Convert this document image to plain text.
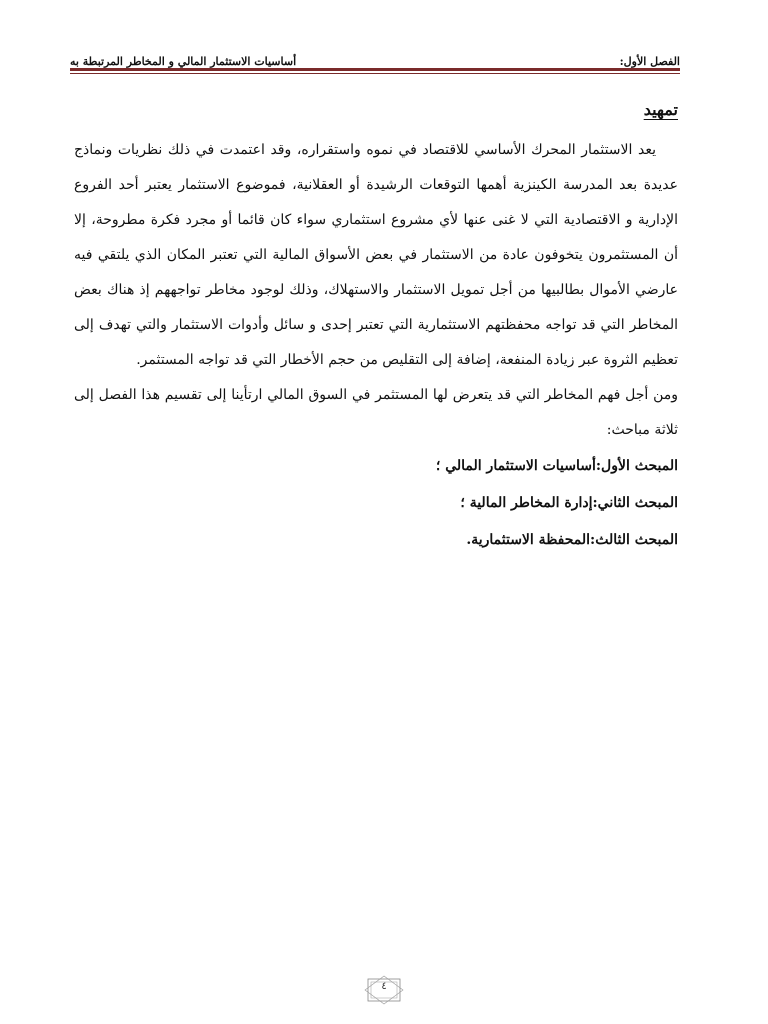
الفصل الأول:
أساسيات الاستثمار المالي و المخاطر المرتبطة به

تمهيد

يعد الاستثمار المحرك الأساسي للاقتصاد في نموه واستقراره، وقد اعتمدت في ذلك نظريات ونماذج عديدة بعد المدرسة الكينزية أهمها التوقعات الرشيدة أو العقلانية، فموضوع الاستثمار يعتبر أحد الفروع الإدارية و الاقتصادية التي لا غنى عنها لأي مشروع استثماري سواء كان قائما أو مجرد فكرة مطروحة، إلا أن المستثمرون يتخوفون عادة من الاستثمار في بعض الأسواق المالية التي تعتبر المكان الذي يلتقي فيه عارضي الأموال بطالبيها من أجل تمويل الاستثمار والاستهلاك، وذلك لوجود مخاطر تواجههم إذ هناك بعض المخاطر التي قد تواجه محفظتهم الاستثمارية التي تعتبر إحدى و سائل وأدوات الاستثمار والتي تهدف إلى تعظيم الثروة عبر زيادة المنفعة، إضافة إلى التقليص من حجم الأخطار التي قد تواجه المستثمر.

ومن أجل فهم المخاطر التي قد يتعرض لها المستثمر في السوق المالي ارتأينا إلى تقسيم هذا الفصل إلى ثلاثة مباحث:

المبحث الأول:أساسيات الاستثمار المالي ؛

المبحث الثاني:إدارة المخاطر المالية ؛

المبحث الثالث:المحفظة الاستثمارية.

٤
